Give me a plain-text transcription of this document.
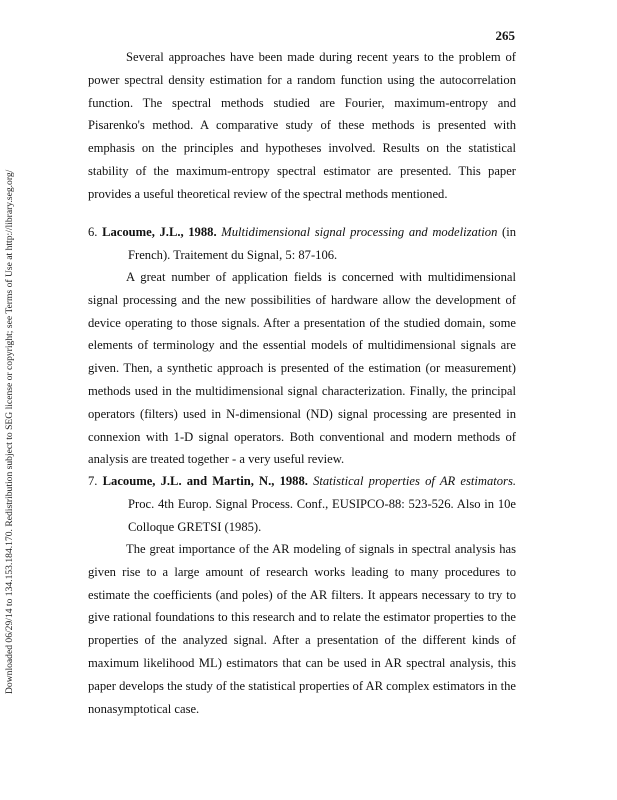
Downloaded 06/29/14 to 134.153.184.170. Redistribution subject to SEG license or copyright; see Terms of Use at http://library.seg.org/
265

Several approaches have been made during recent years to the problem of power spectral density estimation for a random function using the autocorrelation function. The spectral methods studied are Fourier, maximum-entropy and Pisarenko's method. A comparative study of these methods is presented with emphasis on the principles and hypotheses involved. Results on the statistical stability of the maximum-entropy spectral estimator are presented. This paper provides a useful theoretical review of the spectral methods mentioned.

6. Lacoume, J.L., 1988. Multidimensional signal processing and modelization (in French). Traitement du Signal, 5: 87-106.

A great number of application fields is concerned with multidimensional signal processing and the new possibilities of hardware allow the development of device operating to those signals. After a presentation of the studied domain, some elements of terminology and the essential models of multidimensional signals are given. Then, a synthetic approach is presented of the estimation (or measurement) methods used in the multidimensional signal characterization. Finally, the principal operators (filters) used in N-dimensional (ND) signal processing are presented in connexion with 1-D signal operators. Both conventional and modern methods of analysis are treated together - a very useful review.

7. Lacoume, J.L. and Martin, N., 1988. Statistical properties of AR estimators. Proc. 4th Europ. Signal Process. Conf., EUSIPCO-88: 523-526. Also in 10e Colloque GRETSI (1985).

The great importance of the AR modeling of signals in spectral analysis has given rise to a large amount of research works leading to many procedures to estimate the coefficients (and poles) of the AR filters. It appears necessary to try to give rational foundations to this research and to relate the estimator properties to the properties of the analyzed signal. After a presentation of the different kinds of maximum likelihood ML) estimators that can be used in AR spectral analysis, this paper develops the study of the statistical properties of AR complex estimators in the nonasymptotical case.
